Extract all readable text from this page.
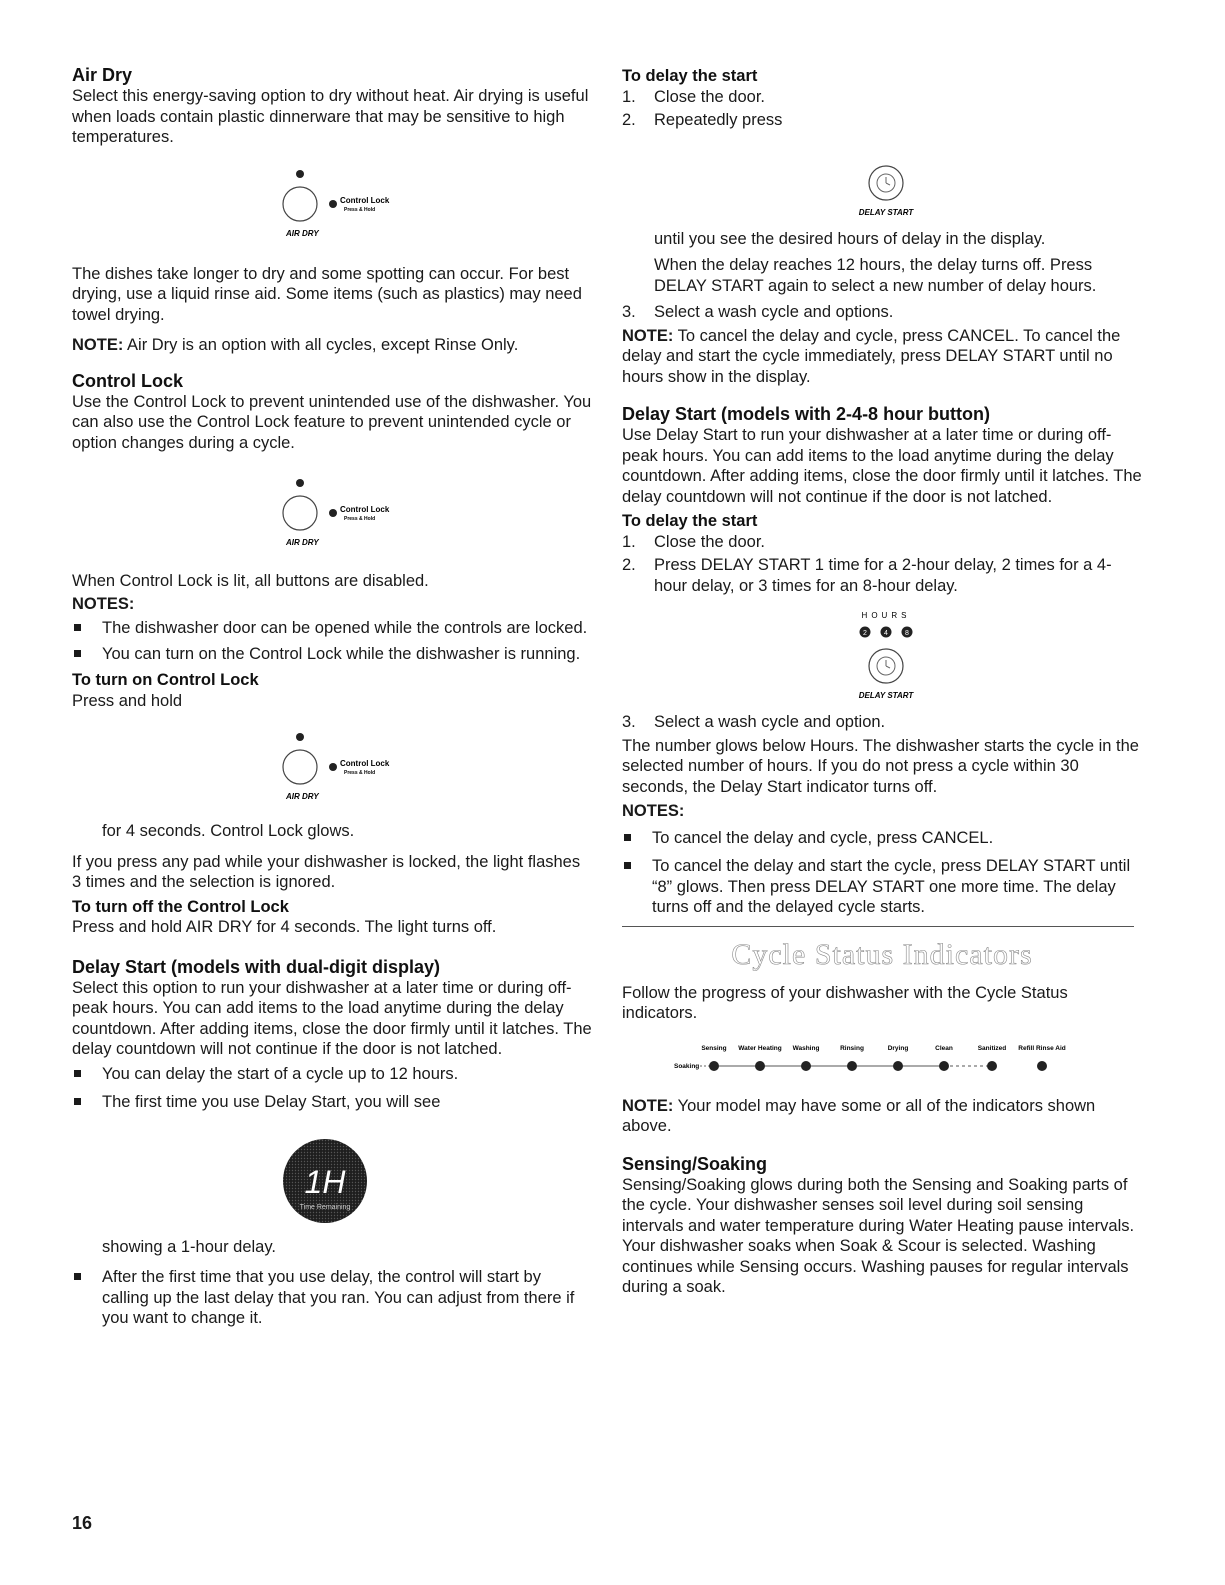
Air Dry

Select this energy-saving option to dry without heat. Air drying is useful when loads contain plastic dinnerware that may be sensitive to high temperatures.

Control Lock
Press & Hold
AIR DRY

The dishes take longer to dry and some spotting can occur. For best drying, use a liquid rinse aid. Some items (such as plastics) may need towel drying.

NOTE: Air Dry is an option with all cycles, except Rinse Only.

Control Lock

Use the Control Lock to prevent unintended use of the dishwasher. You can also use the Control Lock feature to prevent unintended cycle or option changes during a cycle.

Control Lock
Press & Hold
AIR DRY

When Control Lock is lit, all buttons are disabled.

NOTES:

The dishwasher door can be opened while the controls are locked.
You can turn on the Control Lock while the dishwasher is running.
To turn on Control Lock

Press and hold

Control Lock
Press & Hold
AIR DRY

for 4 seconds. Control Lock glows.

If you press any pad while your dishwasher is locked, the light flashes 3 times and the selection is ignored.

To turn off the Control Lock

Press and hold AIR DRY for 4 seconds. The light turns off.

Delay Start (models with dual-digit display)

Select this option to run your dishwasher at a later time or during off-peak hours. You can add items to the load anytime during the delay countdown. After adding items, close the door firmly until it latches. The delay countdown will not continue if the door is not latched.

You can delay the start of a cycle up to 12 hours.
The first time you use Delay Start, you will see
1H
Time Remaining

showing a 1-hour delay.

After the first time that you use delay, the control will start by calling up the last delay that you ran. You can adjust from there if you want to change it.
To delay the start
1. Close the door.
2. Repeatedly press
DELAY START

until you see the desired hours of delay in the display.

When the delay reaches 12 hours, the delay turns off. Press DELAY START again to select a new number of delay hours.

3. Select a wash cycle and options.

NOTE: To cancel the delay and cycle, press CANCEL. To cancel the delay and start the cycle immediately, press DELAY START until no hours show in the display.

Delay Start (models with 2-4-8 hour button)

Use Delay Start to run your dishwasher at a later time or during off-peak hours. You can add items to the load anytime during the delay countdown. After adding items, close the door firmly until it latches. The delay countdown will not continue if the door is not latched.

To delay the start
1. Close the door.
2. Press DELAY START 1 time for a 2-hour delay, 2 times for a 4-hour delay, or 3 times for an 8-hour delay.
HOURS
2 4 8
DELAY START
3. Select a wash cycle and option.

The number glows below Hours. The dishwasher starts the cycle in the selected number of hours. If you do not press a cycle within 30 seconds, the Delay Start indicator turns off.

NOTES:

To cancel the delay and cycle, press CANCEL.
To cancel the delay and start the cycle, press DELAY START until “8” glows. Then press DELAY START one more time. The delay turns off and the delayed cycle starts.
Cycle Status Indicators

Follow the progress of your dishwasher with the Cycle Status indicators.

Soaking
Sensing Water Heating Washing	Rinsing	Drying	Clean	Sanitized Refill Rinse Aid

NOTE: Your model may have some or all of the indicators shown above.

Sensing/Soaking

Sensing/Soaking glows during both the Sensing and Soaking parts of the cycle. Your dishwasher senses soil level during soil sensing intervals and water temperature during Water Heating pause intervals. Your dishwasher soaks when Soak & Scour is selected. Washing continues while Sensing occurs. Washing pauses for regular intervals during a soak.

16
